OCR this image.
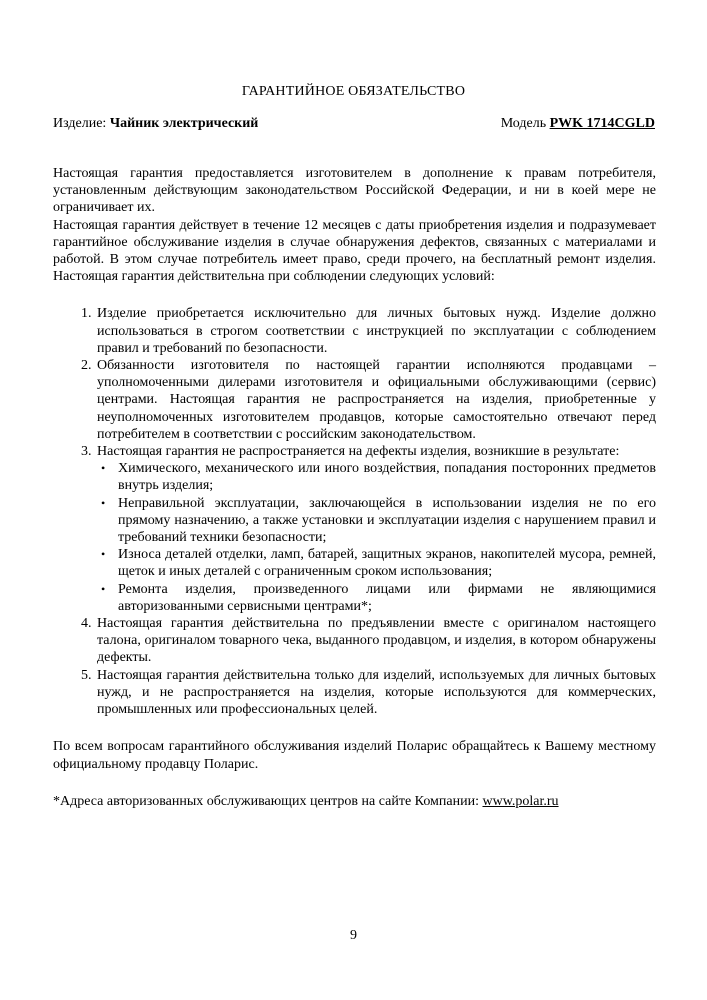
ГАРАНТИЙНОЕ ОБЯЗАТЕЛЬСТВО
Изделие: Чайник электрический	Модель PWK 1714CGLD

Настоящая гарантия предоставляется изготовителем в дополнение к правам потребителя, установленным действующим законодательством Российской Федерации, и ни в коей мере не ограничивает их.

Настоящая гарантия действует в течение 12 месяцев с даты приобретения изделия и подразумевает гарантийное обслуживание изделия в случае обнаружения дефектов, связанных с материалами и работой. В этом случае потребитель имеет право, среди прочего, на бесплатный ремонт изделия. Настоящая гарантия действительна при соблюдении следующих условий:

1. Изделие приобретается исключительно для личных бытовых нужд. Изделие должно использоваться в строгом соответствии с инструкцией по эксплуатации с соблюдением правил и требований по безопасности.
2. Обязанности изготовителя по настоящей гарантии исполняются продавцами – уполномоченными дилерами изготовителя и официальными обслуживающими (сервис) центрами. Настоящая гарантия не распространяется на изделия, приобретенные у неуполномоченных изготовителем продавцов, которые самостоятельно отвечают перед потребителем в соответствии с российским законодательством.
3. Настоящая гарантия не распространяется на дефекты изделия, возникшие в результате:
• Химического, механического или иного воздействия, попадания посторонних предметов внутрь изделия;
• Неправильной эксплуатации, заключающейся в использовании изделия не по его прямому назначению, а также установки и эксплуатации изделия с нарушением правил и требований техники безопасности;
• Износа деталей отделки, ламп, батарей, защитных экранов, накопителей мусора, ремней, щеток и иных деталей с ограниченным сроком использования;
• Ремонта изделия, произведенного лицами или фирмами не являющимися авторизованными сервисными центрами*;
4. Настоящая гарантия действительна по предъявлении вместе с оригиналом настоящего талона, оригиналом товарного чека, выданного продавцом, и изделия, в котором обнаружены дефекты.
5. Настоящая гарантия действительна только для изделий, используемых для личных бытовых нужд, и не распространяется на изделия, которые используются для коммерческих, промышленных или профессиональных целей.

По всем вопросам гарантийного обслуживания изделий Поларис обращайтесь к Вашему местному официальному продавцу Поларис.

*Адреса авторизованных обслуживающих центров на сайте Компании: www.polar.ru

9
